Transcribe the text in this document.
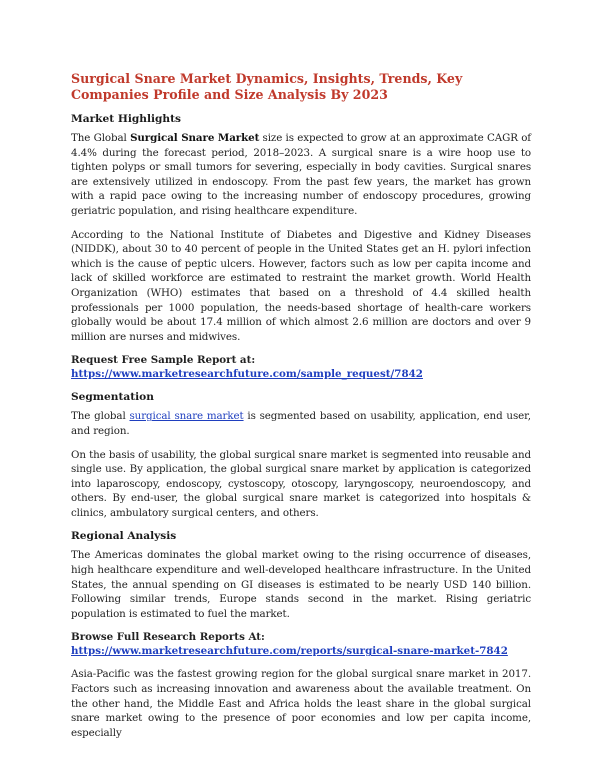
Surgical Snare Market Dynamics, Insights, Trends, Key Companies Profile and Size Analysis By 2023
Market Highlights

The Global Surgical Snare Market size is expected to grow at an approximate CAGR of 4.4% during the forecast period, 2018–2023. A surgical snare is a wire hoop use to tighten polyps or small tumors for severing, especially in body cavities. Surgical snares are extensively utilized in endoscopy. From the past few years, the market has grown with a rapid pace owing to the increasing number of endoscopy procedures, growing geriatric population, and rising healthcare expenditure.

According to the National Institute of Diabetes and Digestive and Kidney Diseases (NIDDK), about 30 to 40 percent of people in the United States get an H. pylori infection which is the cause of peptic ulcers. However, factors such as low per capita income and lack of skilled workforce are estimated to restraint the market growth. World Health Organization (WHO) estimates that based on a threshold of 4.4 skilled health professionals per 1000 population, the needs-based shortage of health-care workers globally would be about 17.4 million of which almost 2.6 million are doctors and over 9 million are nurses and midwives.

Request Free Sample Report at:
https://www.marketresearchfuture.com/sample_request/7842
Segmentation

The global surgical snare market is segmented based on usability, application, end user, and region.

On the basis of usability, the global surgical snare market is segmented into reusable and single use. By application, the global surgical snare market by application is categorized into laparoscopy, endoscopy, cystoscopy, otoscopy, laryngoscopy, neuroendoscopy, and others. By end-user, the global surgical snare market is categorized into hospitals & clinics, ambulatory surgical centers, and others.

Regional Analysis

The Americas dominates the global market owing to the rising occurrence of diseases, high healthcare expenditure and well-developed healthcare infrastructure. In the United States, the annual spending on GI diseases is estimated to be nearly USD 140 billion. Following similar trends, Europe stands second in the market. Rising geriatric population is estimated to fuel the market.

Browse Full Research Reports At:
https://www.marketresearchfuture.com/reports/surgical-snare-market-7842

Asia-Pacific was the fastest growing region for the global surgical snare market in 2017. Factors such as increasing innovation and awareness about the available treatment. On the other hand, the Middle East and Africa holds the least share in the global surgical snare market owing to the presence of poor economies and low per capita income, especially
